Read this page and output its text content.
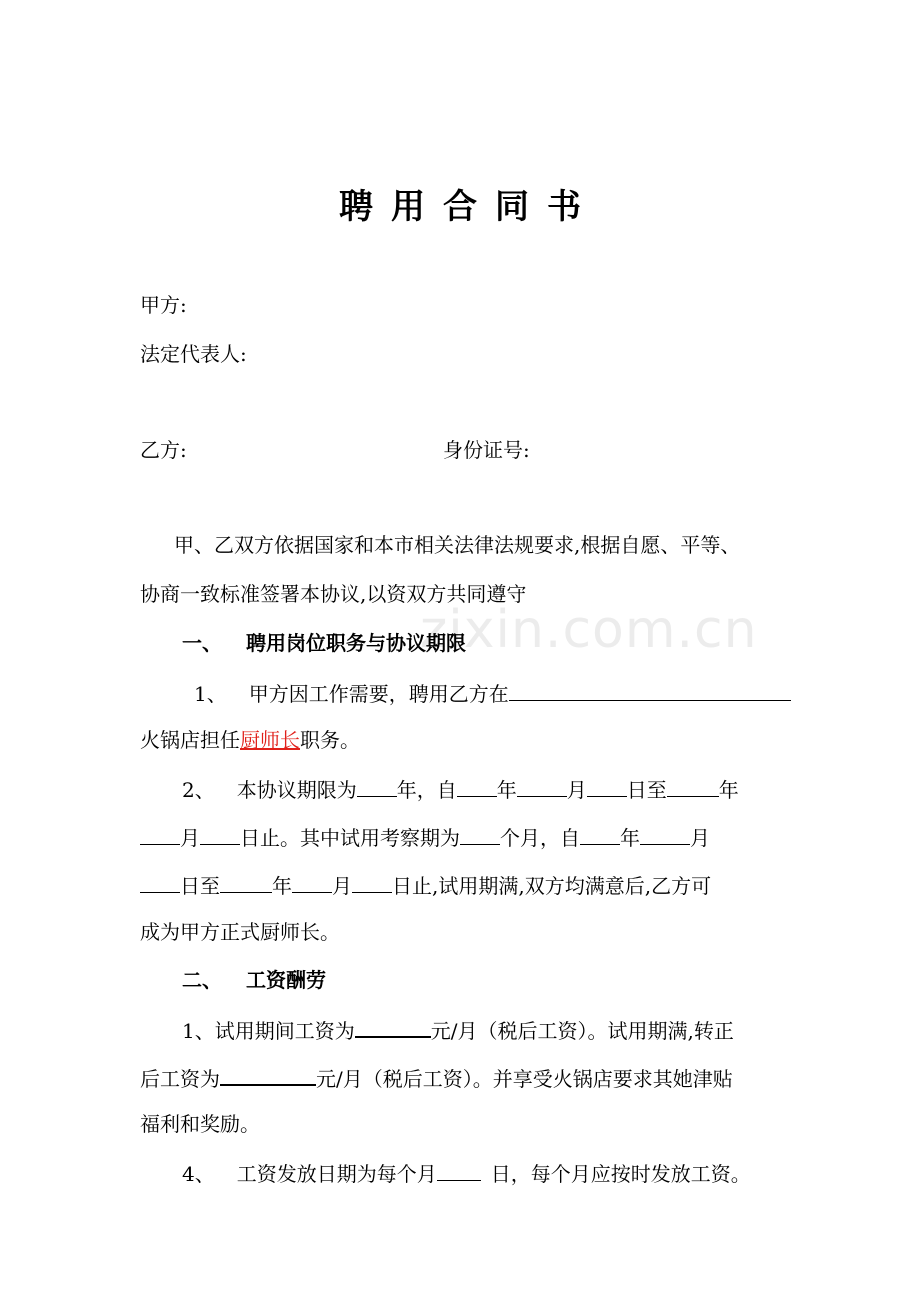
zixin.com.cn
聘用合同书
甲方:
法定代表人:
乙方:	身份证号:
甲、乙双方依据国家和本市相关法律法规要求,根据自愿、平等、
协商一致标准签署本协议,以资双方共同遵守
一、 聘用岗位职务与协议期限
1、 甲方因工作需要，聘用乙方在
火锅店担任厨师长职务。
2、 本协议期限为 年，自 年	月 日至	年
月 日止。其中试用考察期为 个月，自 年	月
日至	年 月 日止,试用期满,双方均满意后,乙方可
成为甲方正式厨师长。
二、 工资酬劳
1、试用期间工资为	元/月（税后工资）。试用期满,转正
后工资为	元/月（税后工资）。并享受火锅店要求其她津贴
福利和奖励。
4、 工资发放日期为每个月	日，每个月应按时发放工资。
